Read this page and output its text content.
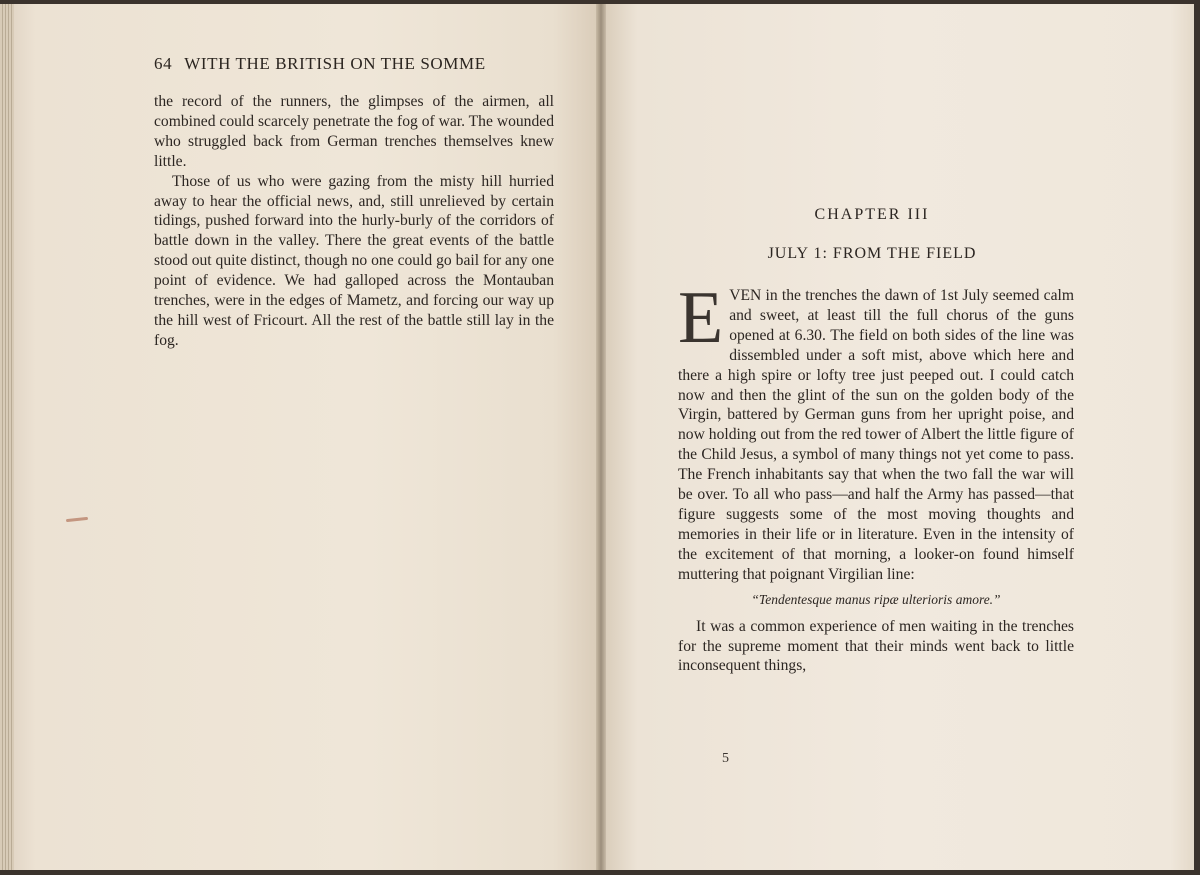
64 WITH THE BRITISH ON THE SOMME

the record of the runners, the glimpses of the airmen, all combined could scarcely penetrate the fog of war. The wounded who struggled back from German trenches themselves knew little.

Those of us who were gazing from the misty hill hurried away to hear the official news, and, still unrelieved by certain tidings, pushed forward into the hurly-burly of the corridors of battle down in the valley. There the great events of the battle stood out quite distinct, though no one could go bail for any one point of evidence. We had galloped across the Montauban trenches, were in the edges of Mametz, and forcing our way up the hill west of Fricourt. All the rest of the battle still lay in the fog.

CHAPTER III
JULY 1: FROM THE FIELD

EVEN in the trenches the dawn of 1st July seemed calm and sweet, at least till the full chorus of the guns opened at 6.30. The field on both sides of the line was dissembled under a soft mist, above which here and there a high spire or lofty tree just peeped out. I could catch now and then the glint of the sun on the golden body of the Virgin, battered by German guns from her upright poise, and now holding out from the red tower of Albert the little figure of the Child Jesus, a symbol of many things not yet come to pass. The French inhabitants say that when the two fall the war will be over. To all who pass—and half the Army has passed—that figure suggests some of the most moving thoughts and memories in their life or in literature. Even in the intensity of the excitement of that morning, a looker-on found himself muttering that poignant Virgilian line:

“Tendentesque manus ripæ ulterioris amore.”

It was a common experience of men waiting in the trenches for the supreme moment that their minds went back to little inconsequent things,

5
